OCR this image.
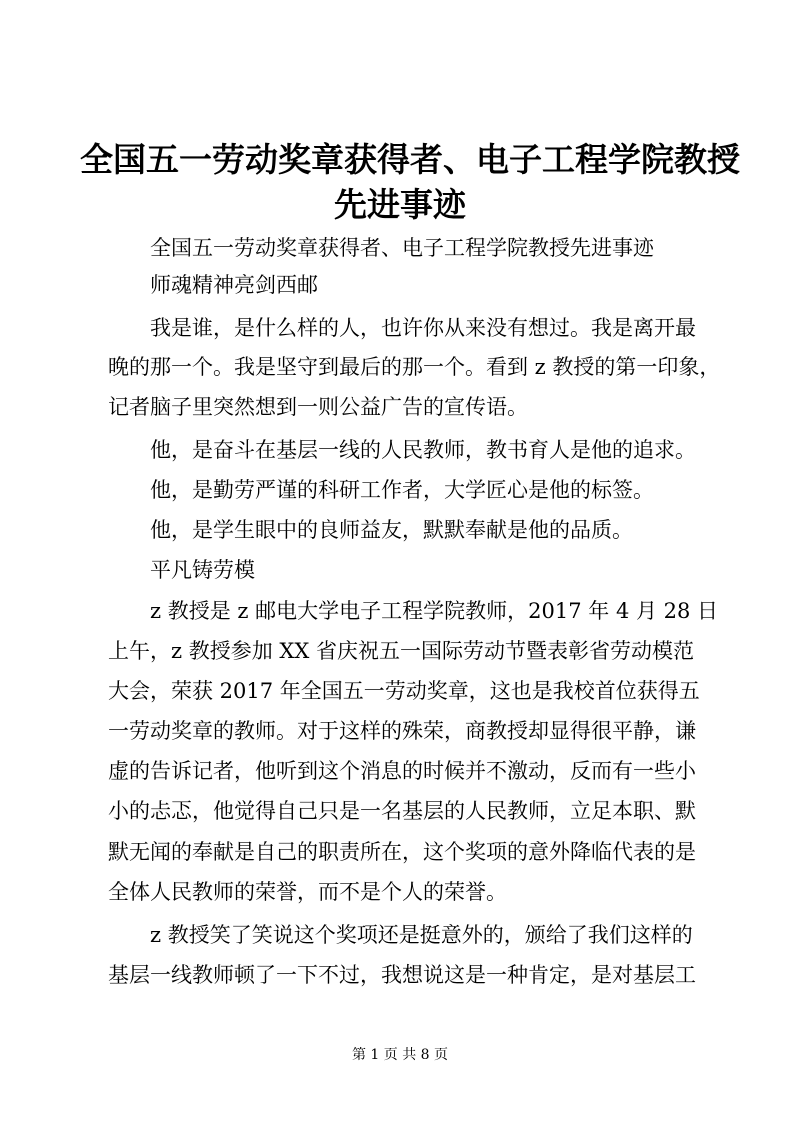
全国五一劳动奖章获得者、电子工程学院教授
先进事迹
全国五一劳动奖章获得者、电子工程学院教授先进事迹
师魂精神亮剑西邮
我是谁，是什么样的人，也许你从来没有想过。我是离开最
晚的那一个。我是坚守到最后的那一个。看到 z 教授的第一印象，
记者脑子里突然想到一则公益广告的宣传语。
他，是奋斗在基层一线的人民教师，教书育人是他的追求。
他，是勤劳严谨的科研工作者，大学匠心是他的标签。
他，是学生眼中的良师益友，默默奉献是他的品质。
平凡铸劳模
z 教授是 z 邮电大学电子工程学院教师，2017 年 4 月 28 日
上午，z 教授参加 XX 省庆祝五一国际劳动节暨表彰省劳动模范
大会，荣获 2017 年全国五一劳动奖章，这也是我校首位获得五
一劳动奖章的教师。对于这样的殊荣，商教授却显得很平静，谦
虚的告诉记者，他听到这个消息的时候并不激动，反而有一些小
小的忐忑，他觉得自己只是一名基层的人民教师，立足本职、默
默无闻的奉献是自己的职责所在，这个奖项的意外降临代表的是
全体人民教师的荣誉，而不是个人的荣誉。
z 教授笑了笑说这个奖项还是挺意外的，颁给了我们这样的
基层一线教师顿了一下不过，我想说这是一种肯定，是对基层工
第 1 页 共 8 页
